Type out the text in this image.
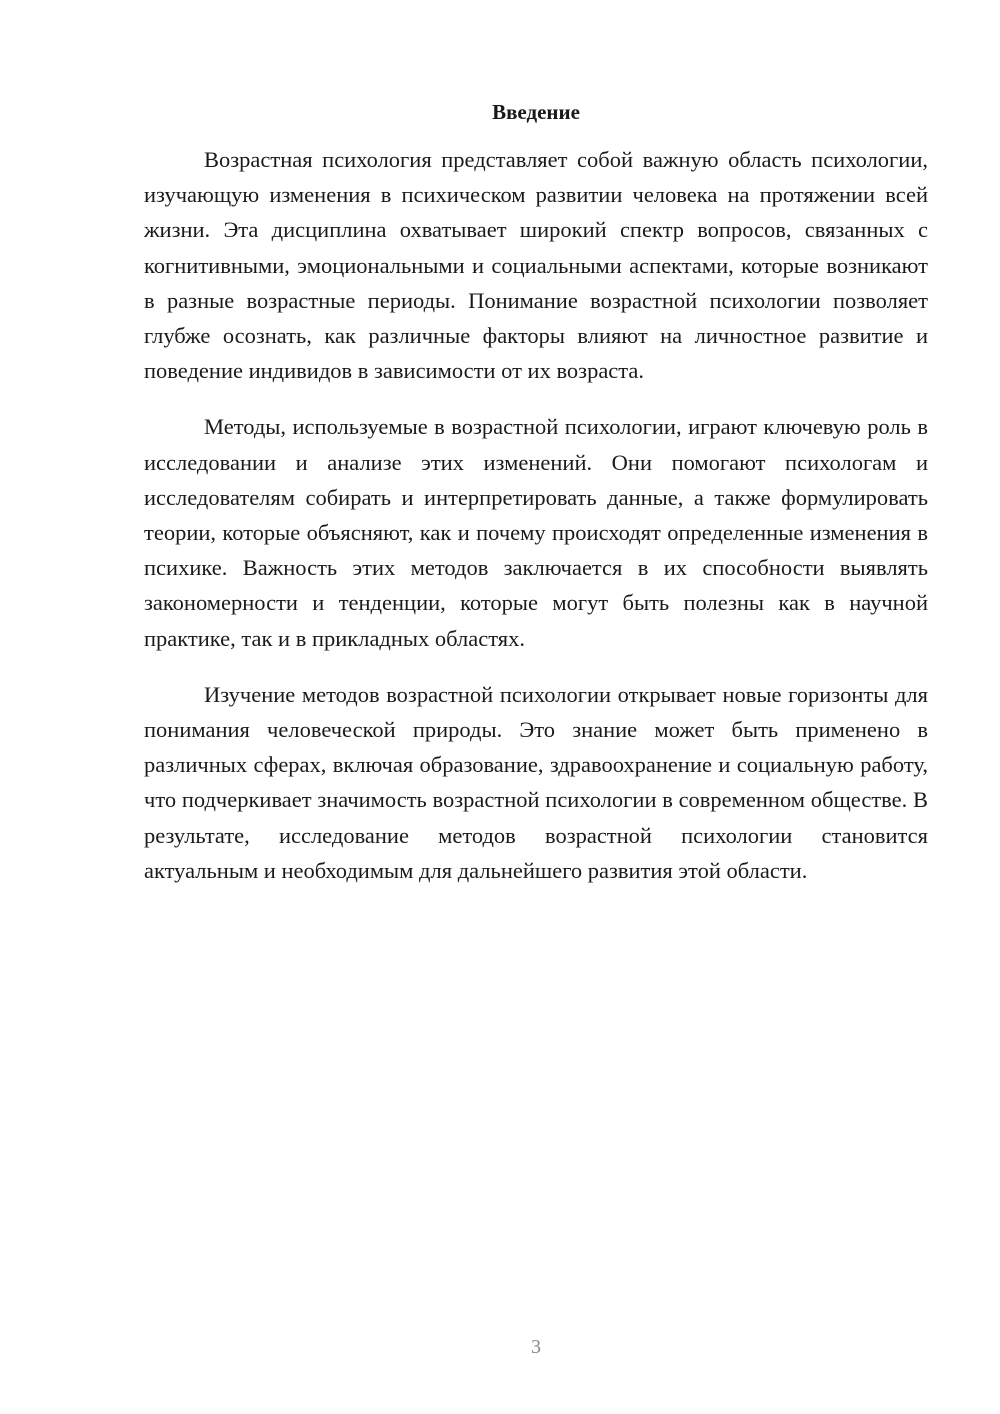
Введение

Возрастная психология представляет собой важную область психологии, изучающую изменения в психическом развитии человека на протяжении всей жизни. Эта дисциплина охватывает широкий спектр вопросов, связанных с когнитивными, эмоциональными и социальными аспектами, которые возникают в разные возрастные периоды. Понимание возрастной психологии позволяет глубже осознать, как различные факторы влияют на личностное развитие и поведение индивидов в зависимости от их возраста.

Методы, используемые в возрастной психологии, играют ключевую роль в исследовании и анализе этих изменений. Они помогают психологам и исследователям собирать и интерпретировать данные, а также формулировать теории, которые объясняют, как и почему происходят определенные изменения в психике. Важность этих методов заключается в их способности выявлять закономерности и тенденции, которые могут быть полезны как в научной практике, так и в прикладных областях.

Изучение методов возрастной психологии открывает новые горизонты для понимания человеческой природы. Это знание может быть применено в различных сферах, включая образование, здравоохранение и социальную работу, что подчеркивает значимость возрастной психологии в современном обществе. В результате, исследование методов возрастной психологии становится актуальным и необходимым для дальнейшего развития этой области.

3
